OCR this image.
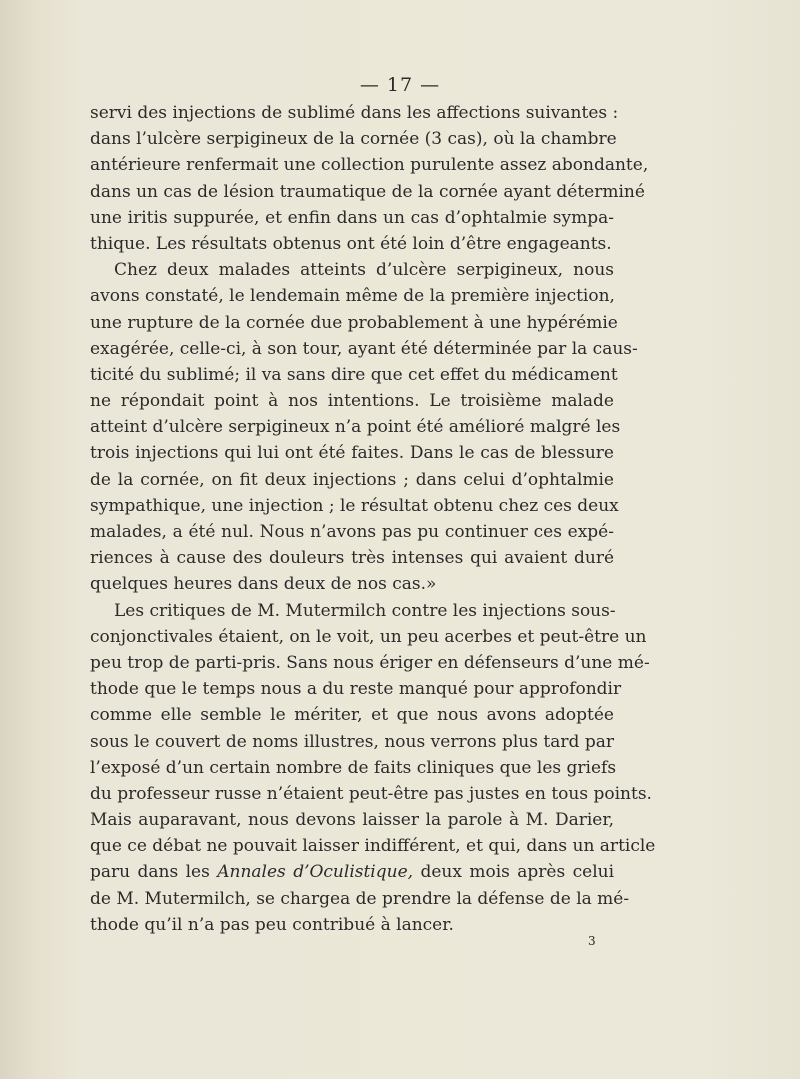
— 17 —
servi des injections de sublimé dans les affections suivantes :
dans l’ulcère serpigineux de la cornée (3 cas), où la chambre
antérieure renfermait une collection purulente assez abondante,
dans un cas de lésion traumatique de la cornée ayant déterminé
une iritis suppurée, et enfin dans un cas d’ophtalmie sympa-
thique. Les résultats obtenus ont été loin d’être engageants.
Chez deux malades atteints d’ulcère serpigineux, nous
avons constaté, le lendemain même de la première injection,
une rupture de la cornée due probablement à une hypérémie
exagérée, celle-ci, à son tour, ayant été déterminée par la caus-
ticité du sublimé; il va sans dire que cet effet du médicament
ne répondait point à nos intentions. Le troisième malade
atteint d’ulcère serpigineux n’a point été amélioré malgré les
trois injections qui lui ont été faites. Dans le cas de blessure
de la cornée, on fit deux injections ; dans celui d’ophtalmie
sympathique, une injection ; le résultat obtenu chez ces deux
malades, a été nul. Nous n’avons pas pu continuer ces expé-
riences à cause des douleurs très intenses qui avaient duré
quelques heures dans deux de nos cas.»
Les critiques de M. Mutermilch contre les injections sous-
conjonctivales étaient, on le voit, un peu acerbes et peut-être un
peu trop de parti-pris. Sans nous ériger en défenseurs d’une mé-
thode que le temps nous a du reste manqué pour approfondir
comme elle semble le mériter, et que nous avons adoptée
sous le couvert de noms illustres, nous verrons plus tard par
l’exposé d’un certain nombre de faits cliniques que les griefs
du professeur russe n’étaient peut-être pas justes en tous points.
Mais auparavant, nous devons laisser la parole à M. Darier,
que ce débat ne pouvait laisser indifférent, et qui, dans un article
paru dans les Annales d’Oculistique, deux mois après celui
de M. Mutermilch, se chargea de prendre la défense de la mé-
thode qu’il n’a pas peu contribué à lancer.
3
